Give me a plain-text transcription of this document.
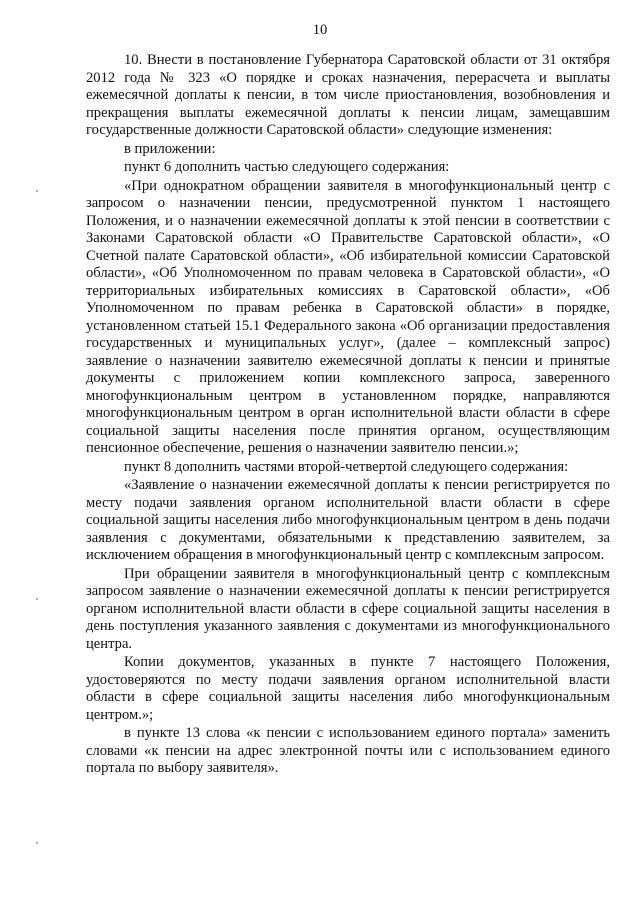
10

10. Внести в постановление Губернатора Саратовской области от 31 октября 2012 года № 323 «О порядке и сроках назначения, перерасчета и выплаты ежемесячной доплаты к пенсии, в том числе приостановления, возобновления и прекращения выплаты ежемесячной доплаты к пенсии лицам, замещавшим государственные должности Саратовской области» следующие изменения:

в приложении:

пункт 6 дополнить частью следующего содержания:

«При однократном обращении заявителя в многофункциональный центр с запросом о назначении пенсии, предусмотренной пунктом 1 настоящего Положения, и о назначении ежемесячной доплаты к этой пенсии в соответствии с Законами Саратовской области «О Правительстве Саратовской области», «О Счетной палате Саратовской области», «Об избирательной комиссии Саратовской области», «Об Уполномоченном по правам человека в Саратовской области», «О территориальных избирательных комиссиях в Саратовской области», «Об Уполномоченном по правам ребенка в Саратовской области» в порядке, установленном статьей 15.1 Федерального закона «Об организации предоставления государственных и муниципальных услуг», (далее – комплексный запрос) заявление о назначении заявителю ежемесячной доплаты к пенсии и принятые документы с приложением копии комплексного запроса, заверенного многофункциональным центром в установленном порядке, направляются многофункциональным центром в орган исполнительной власти области в сфере социальной защиты населения после принятия органом, осуществляющим пенсионное обеспечение, решения о назначении заявителю пенсии.»;

пункт 8 дополнить частями второй-четвертой следующего содержания:

«Заявление о назначении ежемесячной доплаты к пенсии регистрируется по месту подачи заявления органом исполнительной власти области в сфере социальной защиты населения либо многофункциональным центром в день подачи заявления с документами, обязательными к представлению заявителем, за исключением обращения в многофункциональный центр с комплексным запросом.

При обращении заявителя в многофункциональный центр с комплексным запросом заявление о назначении ежемесячной доплаты к пенсии регистрируется органом исполнительной власти области в сфере социальной защиты населения в день поступления указанного заявления с документами из многофункционального центра.

Копии документов, указанных в пункте 7 настоящего Положения, удостоверяются по месту подачи заявления органом исполнительной власти области в сфере социальной защиты населения либо многофункциональным центром.»;

в пункте 13 слова «к пенсии с использованием единого портала» заменить словами «к пенсии на адрес электронной почты или с использованием единого портала по выбору заявителя».
